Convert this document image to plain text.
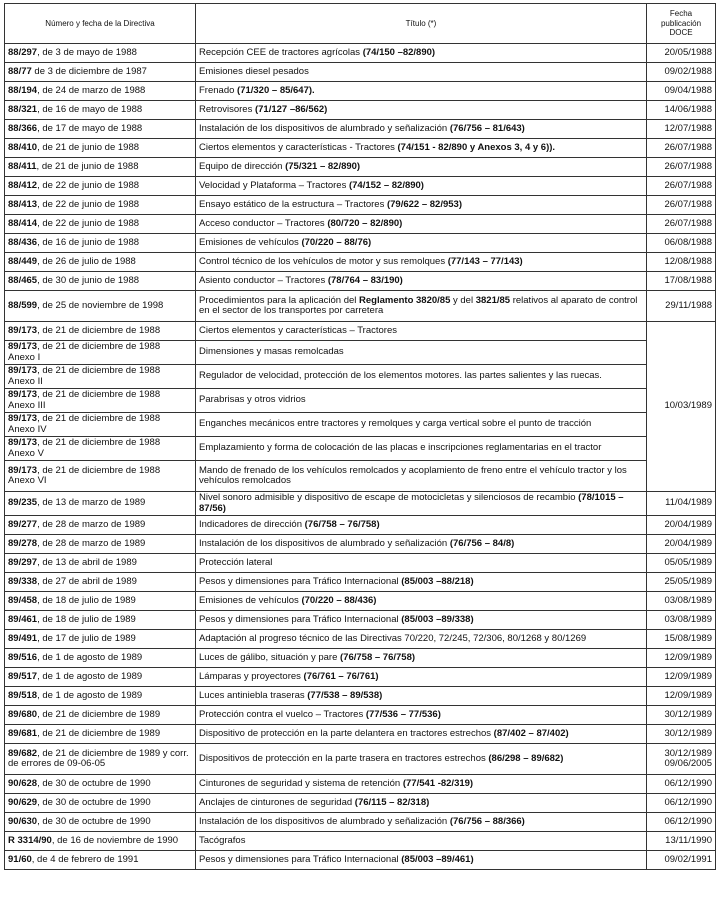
Número y fecha de la Directiva	Título (*)	Fecha
publicación
DOCE
88/297, de 3 de mayo de 1988	Recepción CEE de tractores agrícolas (74/150 –82/890)	20/05/1988
88/77 de 3 de diciembre de 1987	Emisiones diesel pesados	09/02/1988
88/194, de 24 de marzo de 1988	Frenado (71/320 – 85/647).	09/04/1988
88/321, de 16 de mayo de 1988	Retrovisores (71/127 –86/562)	14/06/1988
88/366, de 17 de mayo de 1988	Instalación de los dispositivos de alumbrado y señalización (76/756 – 81/643)	12/07/1988
88/410, de 21 de junio de 1988	Ciertos elementos y características - Tractores (74/151 - 82/890 y Anexos 3, 4 y 6)).	26/07/1988
88/411, de 21 de junio de 1988	Equipo de dirección (75/321 – 82/890)	26/07/1988
88/412, de 22 de junio de 1988	Velocidad y Plataforma – Tractores (74/152 – 82/890)	26/07/1988
88/413, de 22 de junio de 1988	Ensayo estático de la estructura – Tractores (79/622 – 82/953)	26/07/1988
88/414, de 22 de junio de 1988	Acceso conductor – Tractores (80/720 – 82/890)	26/07/1988
88/436, de 16 de junio de 1988	Emisiones de vehículos (70/220 – 88/76)	06/08/1988
88/449, de 26 de julio de 1988	Control técnico de los vehículos de motor y sus remolques (77/143 – 77/143)	12/08/1988
88/465, de 30 de junio de 1988	Asiento conductor – Tractores (78/764 – 83/190)	17/08/1988
88/599, de 25 de noviembre de 1998	Procedimientos para la aplicación del Reglamento 3820/85 y del 3821/85 relativos al aparato de control en el sector de los transportes por carretera	29/11/1988
89/173, de 21 de diciembre de 1988	Ciertos elementos y características – Tractores	10/03/1989
89/173, de 21 de diciembre de 1988
Anexo I	Dimensiones y masas remolcadas	
89/173, de 21 de diciembre de 1988
Anexo II	Regulador de velocidad, protección de los elementos motores. las partes salientes y las ruecas.	
89/173, de 21 de diciembre de 1988
Anexo III	Parabrisas y otros vidrios	
89/173, de 21 de diciembre de 1988
Anexo IV	Enganches mecánicos entre tractores y remolques y carga vertical sobre el punto de tracción	
89/173, de 21 de diciembre de 1988
Anexo V	Emplazamiento y forma de colocación de las placas e inscripciones reglamentarias en el tractor	
89/173, de 21 de diciembre de 1988
Anexo VI	Mando de frenado de los vehículos remolcados y acoplamiento de freno entre el vehículo tractor y los vehículos remolcados	
89/235, de 13 de marzo de 1989	Nivel sonoro admisible y dispositivo de escape de motocicletas y silenciosos de recambio (78/1015 –87/56)	11/04/1989
89/277, de 28 de marzo de 1989	Indicadores de dirección (76/758 – 76/758)	20/04/1989
89/278, de 28 de marzo de 1989	Instalación de los dispositivos de alumbrado y señalización (76/756 – 84/8)	20/04/1989
89/297, de 13 de abril de 1989	Protección lateral	05/05/1989
89/338, de 27 de abril de 1989	Pesos y dimensiones para Tráfico Internacional (85/003 –88/218)	25/05/1989
89/458, de 18 de julio de 1989	Emisiones de vehículos (70/220 – 88/436)	03/08/1989
89/461, de 18 de julio de 1989	Pesos y dimensiones para Tráfico Internacional (85/003 –89/338)	03/08/1989
89/491, de 17 de julio de 1989	Adaptación al progreso técnico de las Directivas 70/220, 72/245, 72/306, 80/1268 y 80/1269	15/08/1989
89/516, de 1 de agosto de 1989	Luces de gálibo, situación y pare (76/758 – 76/758)	12/09/1989
89/517, de 1 de agosto de 1989	Lámparas y proyectores (76/761 – 76/761)	12/09/1989
89/518, de 1 de agosto de 1989	Luces antiniebla traseras (77/538 – 89/538)	12/09/1989
89/680, de 21 de diciembre de 1989	Protección contra el vuelco – Tractores (77/536 – 77/536)	30/12/1989
89/681, de 21 de diciembre de 1989	Dispositivo de protección en la parte delantera en tractores estrechos (87/402 – 87/402)	30/12/1989
89/682, de 21 de diciembre de 1989 y corr. de errores de 09-06-05	Dispositivos de protección en la parte trasera en tractores estrechos (86/298 – 89/682)	30/12/1989
09/06/2005
90/628, de 30 de octubre de 1990	Cinturones de seguridad y sistema de retención (77/541 -82/319)	06/12/1990
90/629, de 30 de octubre de 1990	Anclajes de cinturones de seguridad (76/115 – 82/318)	06/12/1990
90/630, de 30 de octubre de 1990	Instalación de los dispositivos de alumbrado y señalización (76/756 – 88/366)	06/12/1990
R 3314/90, de 16 de noviembre de 1990	Tacógrafos	13/11/1990
91/60, de 4 de febrero de 1991	Pesos y dimensiones para Tráfico Internacional (85/003 –89/461)	09/02/1991
